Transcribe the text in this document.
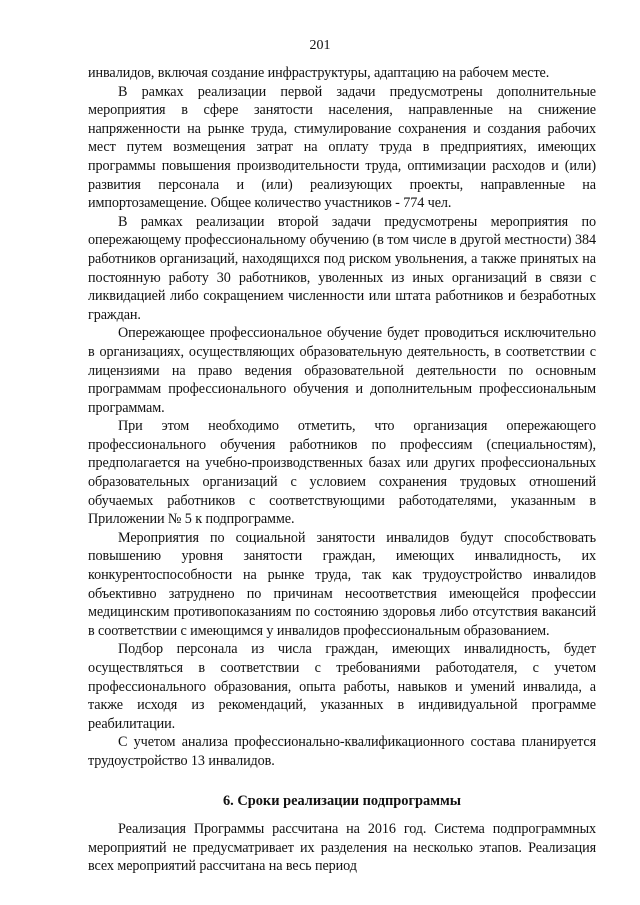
201

инвалидов, включая создание инфраструктуры, адаптацию на рабочем месте.

В рамках реализации первой задачи предусмотрены дополнительные мероприятия в сфере занятости населения, направленные на снижение напряженности на рынке труда, стимулирование сохранения и создания рабочих мест путем возмещения затрат на оплату труда в предприятиях, имеющих программы повышения производительности труда, оптимизации расходов и (или) развития персонала и (или) реализующих проекты, направленные на импортозамещение. Общее количество участников - 774 чел.

В рамках реализации второй задачи предусмотрены мероприятия по опережающему профессиональному обучению (в том числе в другой местности) 384 работников организаций, находящихся под риском увольнения, а также принятых на постоянную работу 30 работников, уволенных из иных организаций в связи с ликвидацией либо сокращением численности или штата работников и безработных граждан.

Опережающее профессиональное обучение будет проводиться исключительно в организациях, осуществляющих образовательную деятельность, в соответствии с лицензиями на право ведения образовательной деятельности по основным программам профессионального обучения и дополнительным профессиональным программам.

При этом необходимо отметить, что организация опережающего профессионального обучения работников по профессиям (специальностям), предполагается на учебно-производственных базах или других профессиональных образовательных организаций с условием сохранения трудовых отношений обучаемых работников с соответствующими работодателями, указанным в Приложении № 5 к подпрограмме.

Мероприятия по социальной занятости инвалидов будут способствовать повышению уровня занятости граждан, имеющих инвалидность, их конкурентоспособности на рынке труда, так как трудоустройство инвалидов объективно затруднено по причинам несоответствия имеющейся профессии медицинским противопоказаниям по состоянию здоровья либо отсутствия вакансий в соответствии с имеющимся у инвалидов профессиональным образованием.

Подбор персонала из числа граждан, имеющих инвалидность, будет осуществляться в соответствии с требованиями работодателя, с учетом профессионального образования, опыта работы, навыков и умений инвалида, а также исходя из рекомендаций, указанных в индивидуальной программе реабилитации.

С учетом анализа профессионально-квалификационного состава планируется трудоустройство 13 инвалидов.

6. Сроки реализации подпрограммы

Реализация Программы рассчитана на 2016 год. Система подпрограммных мероприятий не предусматривает их разделения на несколько этапов. Реализация всех мероприятий рассчитана на весь период
